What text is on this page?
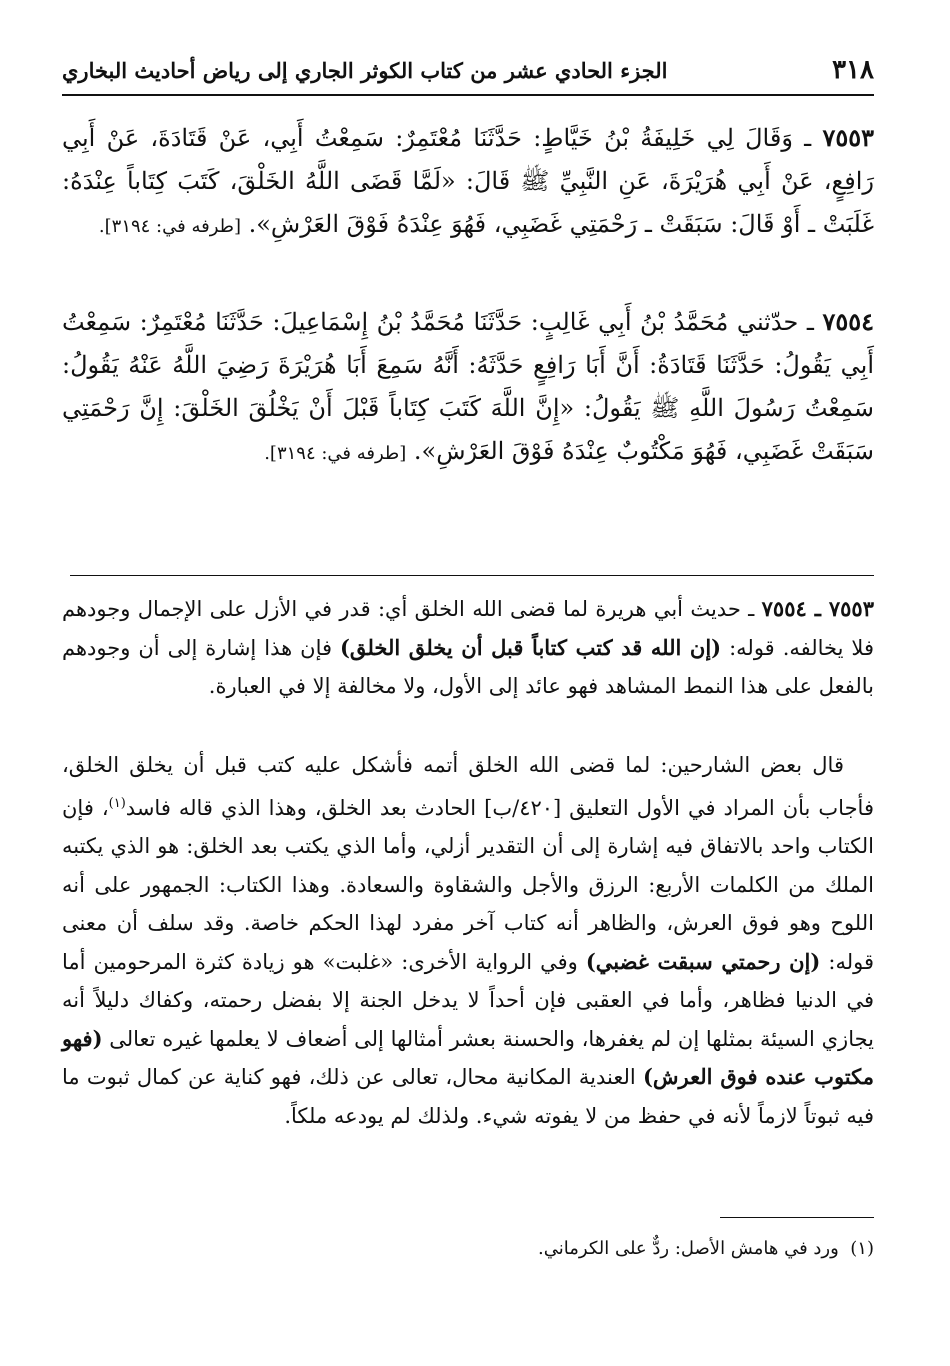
٣١٨
الجزء الحادي عشر من كتاب الكوثر الجاري إلى رياض أحاديث البخاري

٧٥٥٣ ـ وَقَالَ لِي خَلِيفَةُ بْنُ خَيَّاطٍ: حَدَّثَنَا مُعْتَمِرٌ: سَمِعْتُ أَبِي، عَنْ قَتَادَةَ، عَنْ أَبِي رَافِعٍ، عَنْ أَبِي هُرَيْرَةَ، عَنِ النَّبِيِّ ﷺ قَالَ: «لَمَّا قَضَى اللَّهُ الخَلْقَ، كَتَبَ كِتَاباً عِنْدَهُ: غَلَبَتْ ـ أَوْ قَالَ: سَبَقَتْ ـ رَحْمَتِي غَضَبِي، فَهُوَ عِنْدَهُ فَوْقَ العَرْشِ». [طرفه في: ٣١٩٤].

٧٥٥٤ ـ حدّثني مُحَمَّدُ بْنُ أَبِي غَالِبٍ: حَدَّثَنَا مُحَمَّدُ بْنُ إِسْمَاعِيلَ: حَدَّثَنَا مُعْتَمِرٌ: سَمِعْتُ أَبِي يَقُولُ: حَدَّثَنَا قَتَادَةُ: أَنَّ أَبَا رَافِعٍ حَدَّثَهُ: أَنَّهُ سَمِعَ أَبَا هُرَيْرَةَ رَضِيَ اللَّهُ عَنْهُ يَقُولُ: سَمِعْتُ رَسُولَ اللَّهِ ﷺ يَقُولُ: «إِنَّ اللَّهَ كَتَبَ كِتَاباً قَبْلَ أَنْ يَخْلُقَ الخَلْقَ: إِنَّ رَحْمَتِي سَبَقَتْ غَضَبِي، فَهُوَ مَكْتُوبٌ عِنْدَهُ فَوْقَ العَرْشِ». [طرفه في: ٣١٩٤].

٧٥٥٣ ـ ٧٥٥٤ ـ حديث أبي هريرة لما قضى الله الخلق أي: قدر في الأزل على الإجمال وجودهم فلا يخالفه. قوله: (إن الله قد كتب كتاباً قبل أن يخلق الخلق) فإن هذا إشارة إلى أن وجودهم بالفعل على هذا النمط المشاهد فهو عائد إلى الأول، ولا مخالفة إلا في العبارة.

قال بعض الشارحين: لما قضى الله الخلق أتمه فأشكل عليه كتب قبل أن يخلق الخلق، فأجاب بأن المراد في الأول التعليق [٤٢٠/ب] الحادث بعد الخلق، وهذا الذي قاله فاسد$^{(١)}$، فإن الكتاب واحد بالاتفاق فيه إشارة إلى أن التقدير أزلي، وأما الذي يكتب بعد الخلق: هو الذي يكتبه الملك من الكلمات الأربع: الرزق والأجل والشقاوة والسعادة. وهذا الكتاب: الجمهور على أنه اللوح وهو فوق العرش، والظاهر أنه كتاب آخر مفرد لهذا الحكم خاصة. وقد سلف أن معنى قوله: (إن رحمتي سبقت غضبي) وفي الرواية الأخرى: «غلبت» هو زيادة كثرة المرحومين أما في الدنيا فظاهر، وأما في العقبى فإن أحداً لا يدخل الجنة إلا بفضل رحمته، وكفاك دليلاً أنه يجازي السيئة بمثلها إن لم يغفرها، والحسنة بعشر أمثالها إلى أضعاف لا يعلمها غيره تعالى (فهو مكتوب عنده فوق العرش) العندية المكانية محال، تعالى عن ذلك، فهو كناية عن كمال ثبوت ما فيه ثبوتاً لازماً لأنه في حفظ من لا يفوته شيء. ولذلك لم يودعه ملكاً.

(١)  ورد في هامش الأصل: ردٌّ على الكرماني.
